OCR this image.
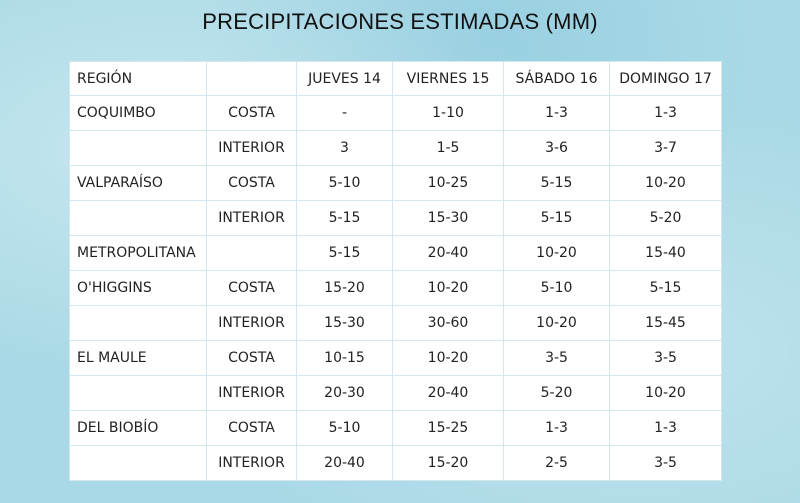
PRECIPITACIONES ESTIMADAS (MM)
REGIÓN		JUEVES 14	VIERNES 15	SÁBADO 16	DOMINGO 17
COQUIMBO	COSTA	-	1-10	1-3	1-3
	INTERIOR	3	1-5	3-6	3-7
VALPARAÍSO	COSTA	5-10	10-25	5-15	10-20
	INTERIOR	5-15	15-30	5-15	5-20
METROPOLITANA		5-15	20-40	10-20	15-40
O'HIGGINS	COSTA	15-20	10-20	5-10	5-15
	INTERIOR	15-30	30-60	10-20	15-45
EL MAULE	COSTA	10-15	10-20	3-5	3-5
	INTERIOR	20-30	20-40	5-20	10-20
DEL BIOBÍO	COSTA	5-10	15-25	1-3	1-3
	INTERIOR	20-40	15-20	2-5	3-5
